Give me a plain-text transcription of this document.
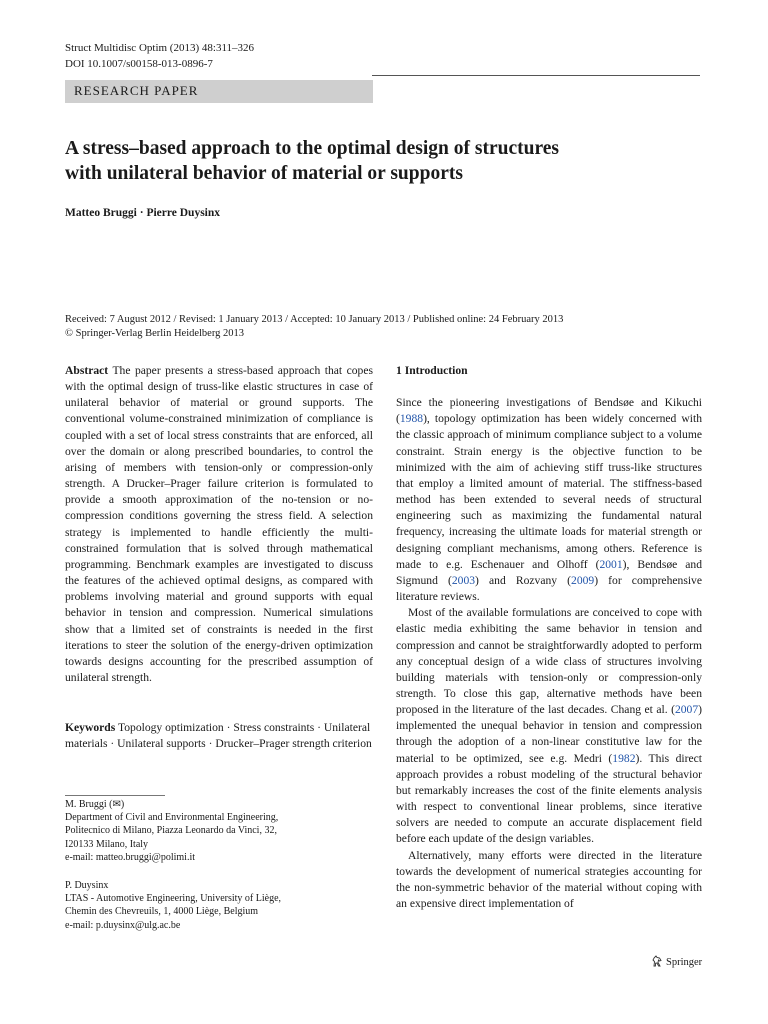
Struct Multidisc Optim (2013) 48:311–326
DOI 10.1007/s00158-013-0896-7
RESEARCH PAPER
A stress–based approach to the optimal design of structures
with unilateral behavior of material or supports
Matteo Bruggi · Pierre Duysinx
Received: 7 August 2012 / Revised: 1 January 2013 / Accepted: 10 January 2013 / Published online: 24 February 2013
© Springer-Verlag Berlin Heidelberg 2013

Abstract The paper presents a stress-based approach that copes with the optimal design of truss-like elastic structures in case of unilateral behavior of material or ground supports. The conventional volume-constrained minimization of compliance is coupled with a set of local stress constraints that are enforced, all over the domain or along prescribed boundaries, to control the arising of members with tension-only or compression-only strength. A Drucker–Prager failure criterion is formulated to provide a smooth approximation of the no-tension or no-compression conditions governing the stress field. A selection strategy is implemented to handle efficiently the multi-constrained formulation that is solved through mathematical programming. Benchmark examples are investigated to discuss the features of the achieved optimal designs, as compared with problems involving material and ground supports with equal behavior in tension and compression. Numerical simulations show that a limited set of constraints is needed in the first iterations to steer the solution of the energy-driven optimization towards designs accounting for the prescribed assumption of unilateral strength.

Keywords Topology optimization · Stress constraints · Unilateral materials · Unilateral supports · Drucker–Prager strength criterion
M. Bruggi (✉)
Department of Civil and Environmental Engineering,
Politecnico di Milano, Piazza Leonardo da Vinci, 32,
I20133 Milano, Italy
e-mail: matteo.bruggi@polimi.it
P. Duysinx
LTAS - Automotive Engineering, University of Liège,
Chemin des Chevreuils, 1, 4000 Liège, Belgium
e-mail: p.duysinx@ulg.ac.be

1 Introduction

Since the pioneering investigations of Bendsøe and Kikuchi (1988), topology optimization has been widely concerned with the classic approach of minimum compliance subject to a volume constraint. Strain energy is the objective function to be minimized with the aim of achieving stiff truss-like structures that employ a limited amount of material. The stiffness-based method has been extended to several needs of structural engineering such as maximizing the fundamental natural frequency, increasing the ultimate loads for material strength or designing compliant mechanisms, among others. Reference is made to e.g. Eschenauer and Olhoff (2001), Bendsøe and Sigmund (2003) and Rozvany (2009) for comprehensive literature reviews.

Most of the available formulations are conceived to cope with elastic media exhibiting the same behavior in tension and compression and cannot be straightforwardly adopted to perform any conceptual design of a wide class of structures involving building materials with tension-only or compression-only strength. To close this gap, alternative methods have been proposed in the literature of the last decades. Chang et al. (2007) implemented the unequal behavior in tension and compression through the adoption of a non-linear constitutive law for the material to be optimized, see e.g. Medri (1982). This direct approach provides a robust modeling of the structural behavior but remarkably increases the cost of the finite elements analysis with respect to conventional linear problems, since iterative solvers are needed to compute an accurate displacement field before each update of the design variables.

Alternatively, many efforts were directed in the literature towards the development of numerical strategies accounting for the non-symmetric behavior of the material without coping with an expensive direct implementation of

Springer
